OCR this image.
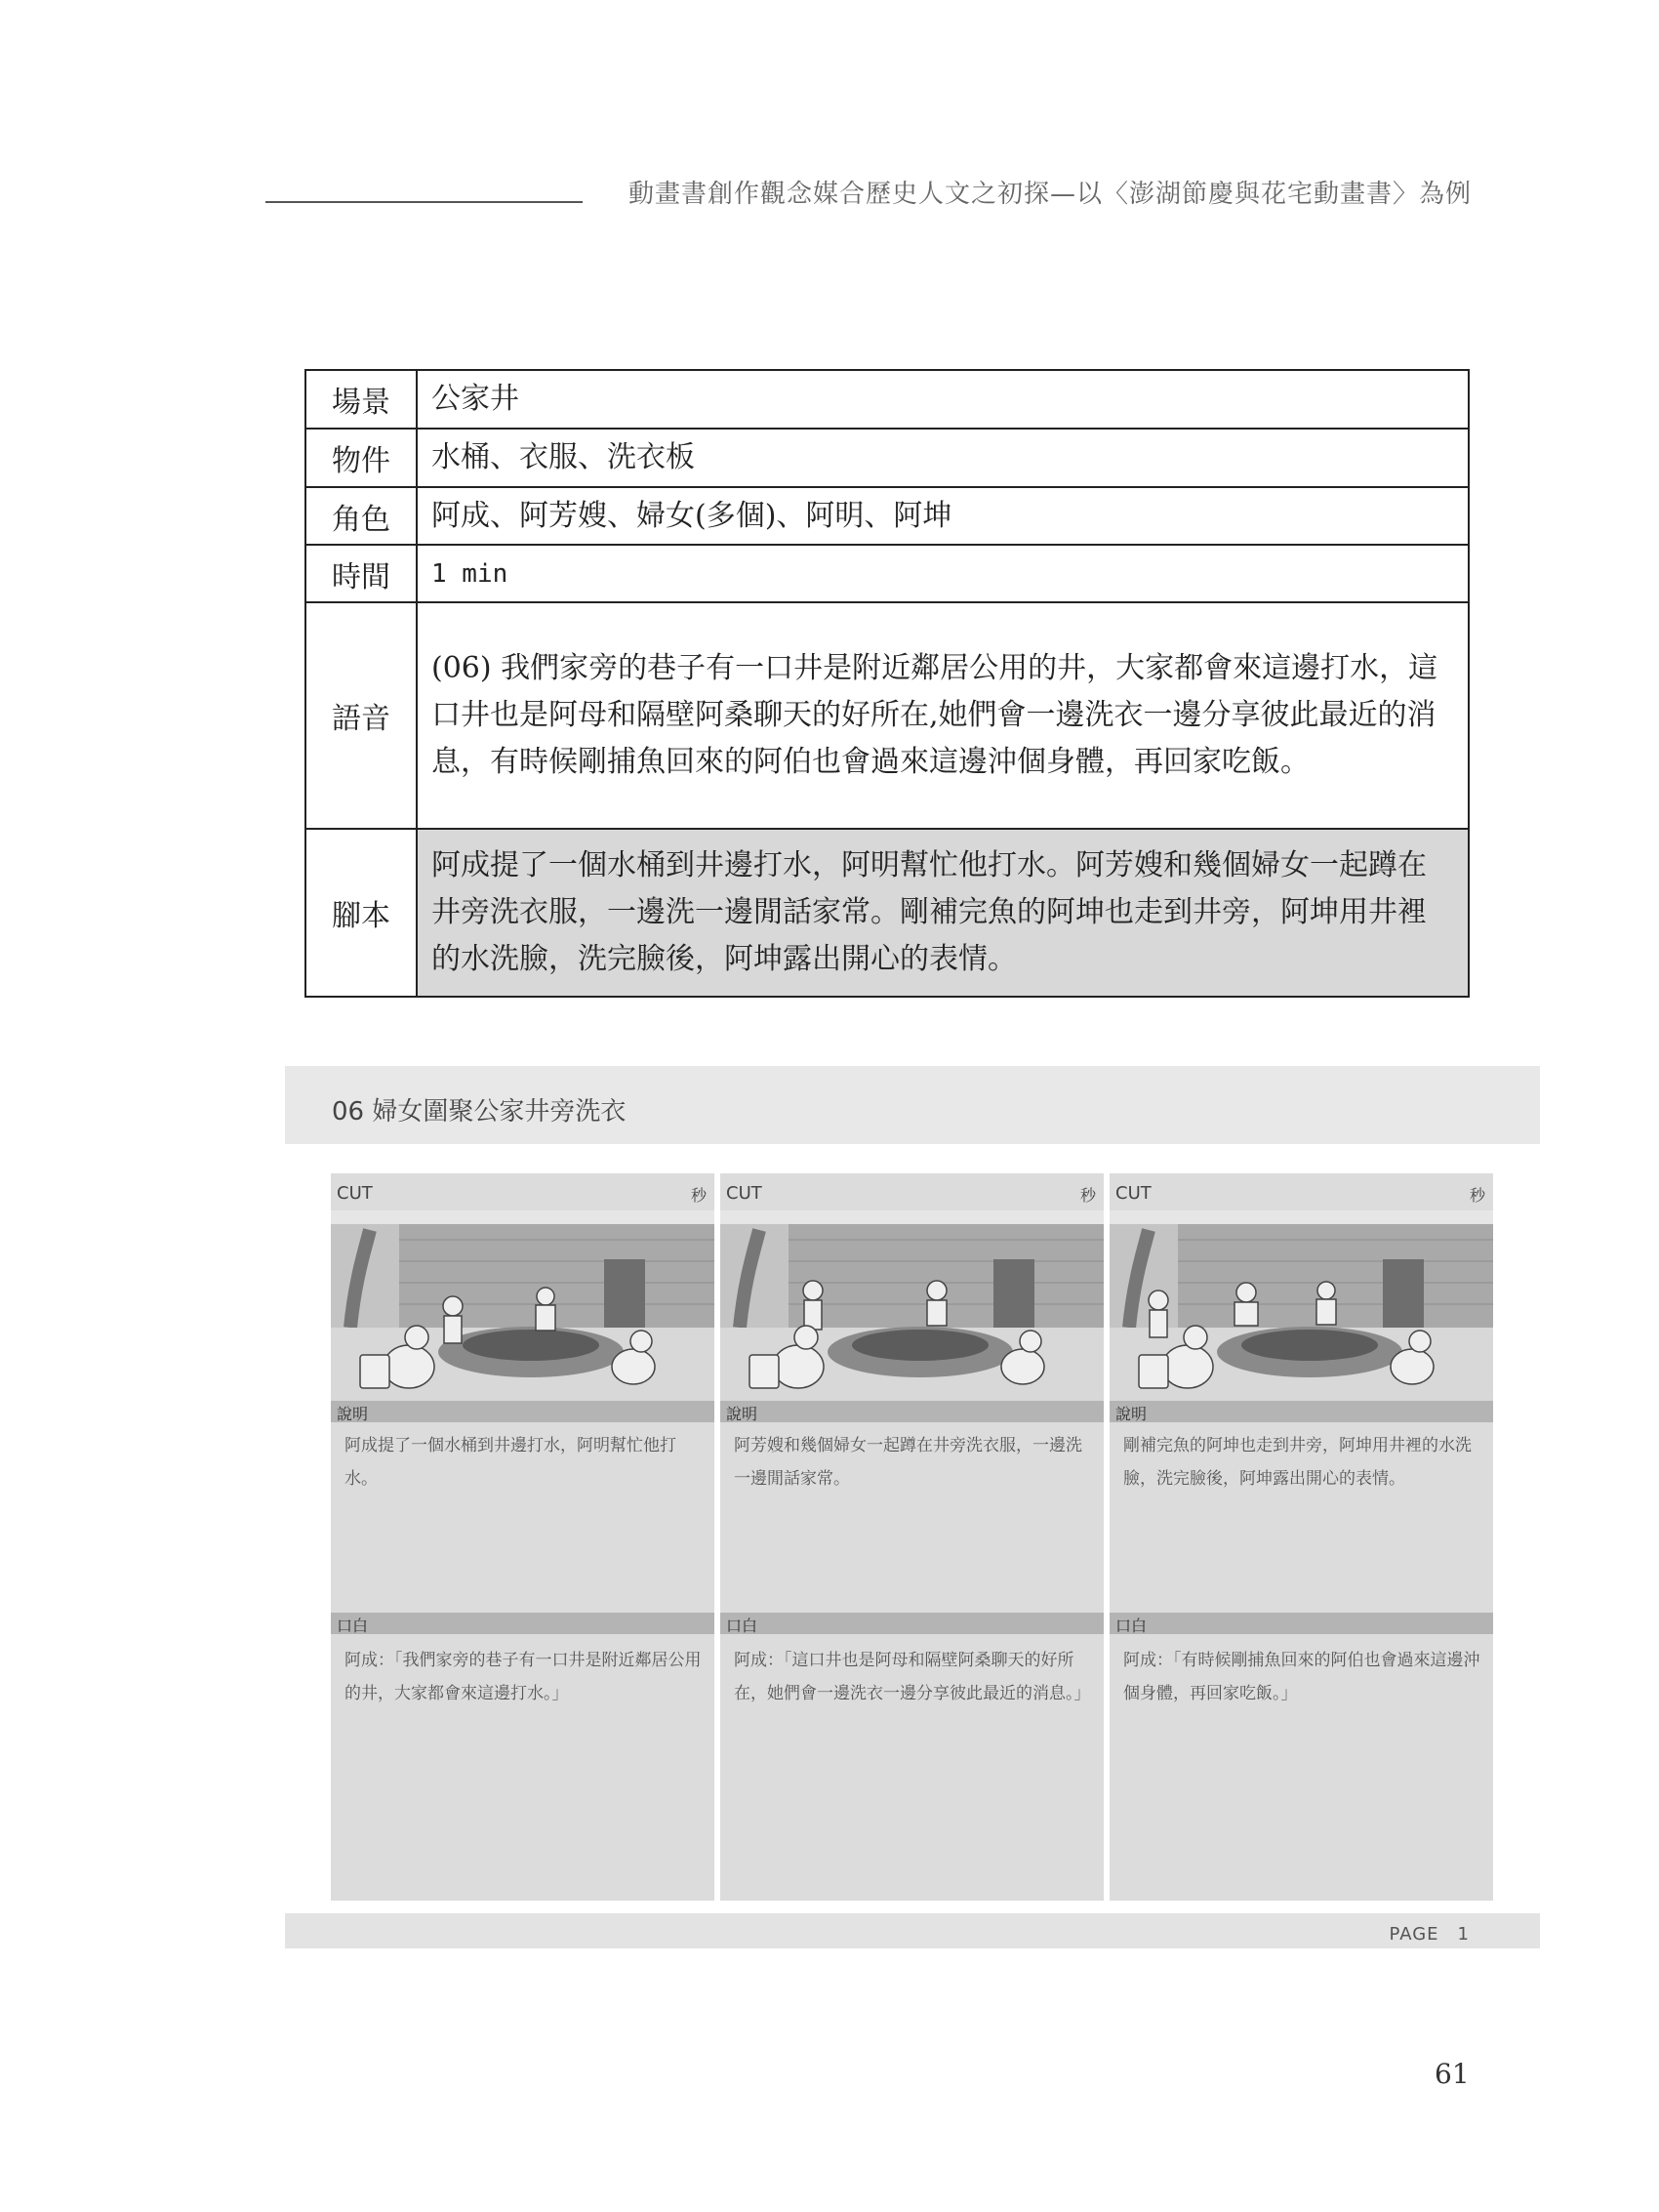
動畫書創作觀念媒合歷史人文之初探—以〈澎湖節慶與花宅動畫書〉為例
場景	公家井
物件	水桶、衣服、洗衣板
角色	阿成、阿芳嫂、婦女(多個)、阿明、阿坤
時間	1 min
語音	(06) 我們家旁的巷子有一口井是附近鄰居公用的井，大家都會來這邊打水，這口井也是阿母和隔壁阿桑聊天的好所在,她們會一邊洗衣一邊分享彼此最近的消息，有時候剛捕魚回來的阿伯也會過來這邊沖個身體，再回家吃飯。
腳本	阿成提了一個水桶到井邊打水，阿明幫忙他打水。阿芳嫂和幾個婦女一起蹲在井旁洗衣服，一邊洗一邊閒話家常。剛補完魚的阿坤也走到井旁，阿坤用井裡的水洗臉，洗完臉後，阿坤露出開心的表情。
06 婦女圍聚公家井旁洗衣
CUT	秒
說明
阿成提了一個水桶到井邊打水，阿明幫忙他打水。
口白
阿成：「我們家旁的巷子有一口井是附近鄰居公用的井，大家都會來這邊打水。」
CUT	秒
說明
阿芳嫂和幾個婦女一起蹲在井旁洗衣服，一邊洗一邊閒話家常。
口白
阿成：「這口井也是阿母和隔壁阿桑聊天的好所在，她們會一邊洗衣一邊分享彼此最近的消息。」
CUT	秒
說明
剛補完魚的阿坤也走到井旁，阿坤用井裡的水洗臉，洗完臉後，阿坤露出開心的表情。
口白
阿成：「有時候剛捕魚回來的阿伯也會過來這邊沖個身體，再回家吃飯。」
PAGE　1
61
